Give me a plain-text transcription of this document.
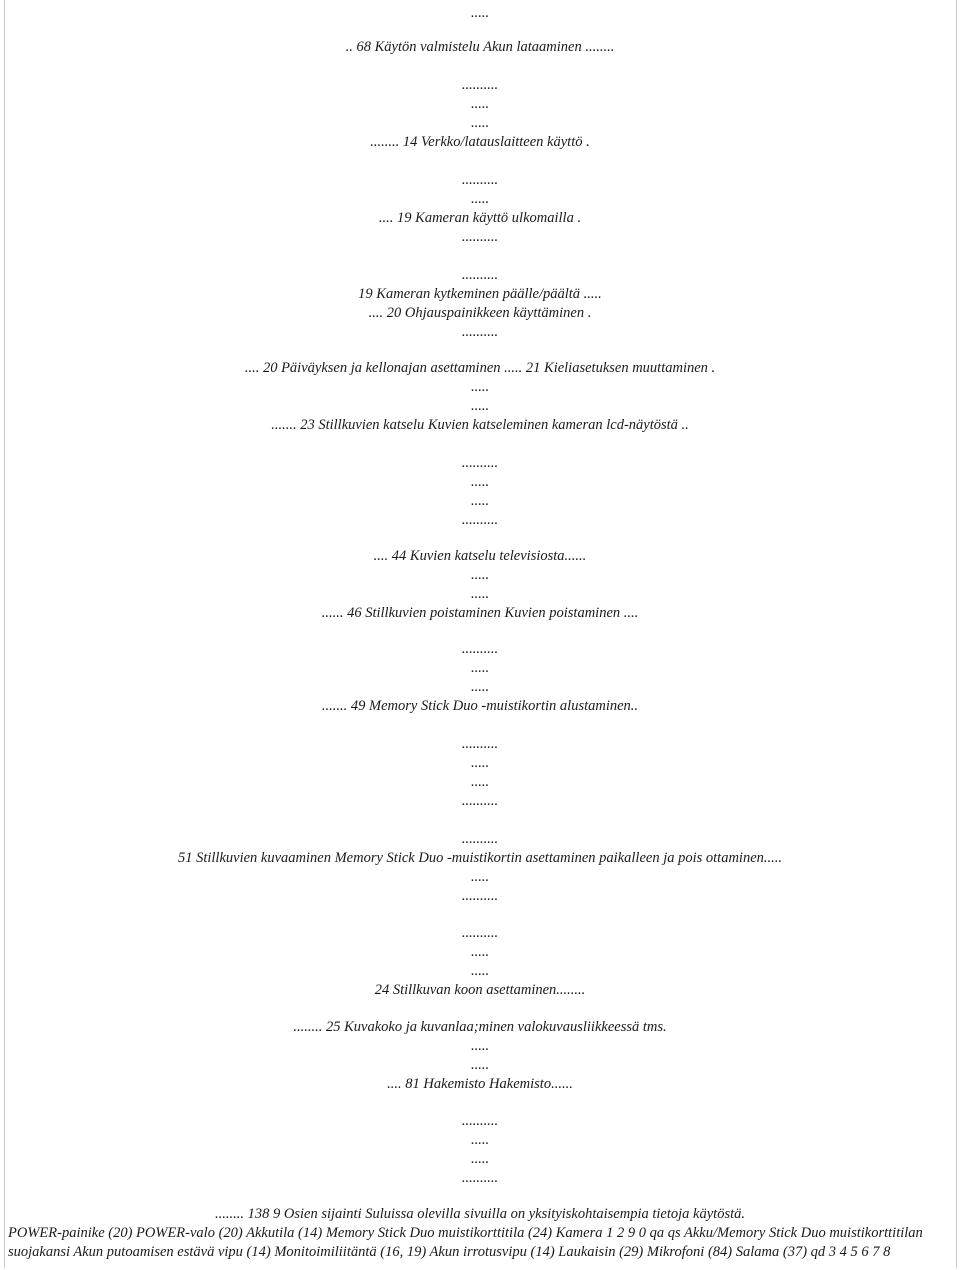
.....
.. 68 Käytön valmistelu Akun lataaminen ........
..........
.....
.....
........ 14 Verkko/latauslaitteen käyttö .
..........
.....
.... 19 Kameran käyttö ulkomailla .
..........
..........
19 Kameran kytkeminen päälle/päältä .....
.... 20 Ohjauspainikkeen käyttäminen .
..........
.... 20 Päiväyksen ja kellonajan asettaminen ..... 21 Kieliasetuksen muuttaminen .
.....
.....
....... 23 Stillkuvien katselu Kuvien katseleminen kameran lcd-näytöstä ..
..........
.....
.....
..........
.... 44 Kuvien katselu televisiosta......
.....
.....
...... 46 Stillkuvien poistaminen Kuvien poistaminen ....
..........
.....
.....
....... 49 Memory Stick Duo -muistikortin alustaminen..
..........
.....
.....
..........
..........
51 Stillkuvien kuvaaminen Memory Stick Duo -muistikortin asettaminen paikalleen ja pois ottaminen.....
.....
..........
..........
.....
.....
24 Stillkuvan koon asettaminen........
........ 25 Kuvakoko ja kuvanlaa;minen valokuvausliikkeessä tms.
.....
.....
.... 81 Hakemisto Hakemisto......
..........
.....
.....
..........
........ 138 9 Osien sijainti Suluissa olevilla sivuilla on yksityiskohtaisempia tietoja käytöstä.
POWER-painike (20) POWER-valo (20) Akkutila (14) Memory Stick Duo muistikorttitila (24) Kamera 1 2 9 0 qa qs Akku/Memory Stick Duo muistikorttitilan
suojakansi Akun putoamisen estävä vipu (14) Monitoimiliitäntä (16, 19) Akun irrotusvipu (14) Laukaisin (29) Mikrofoni (84) Salama (37) qd 3 4 5 6 7 8
